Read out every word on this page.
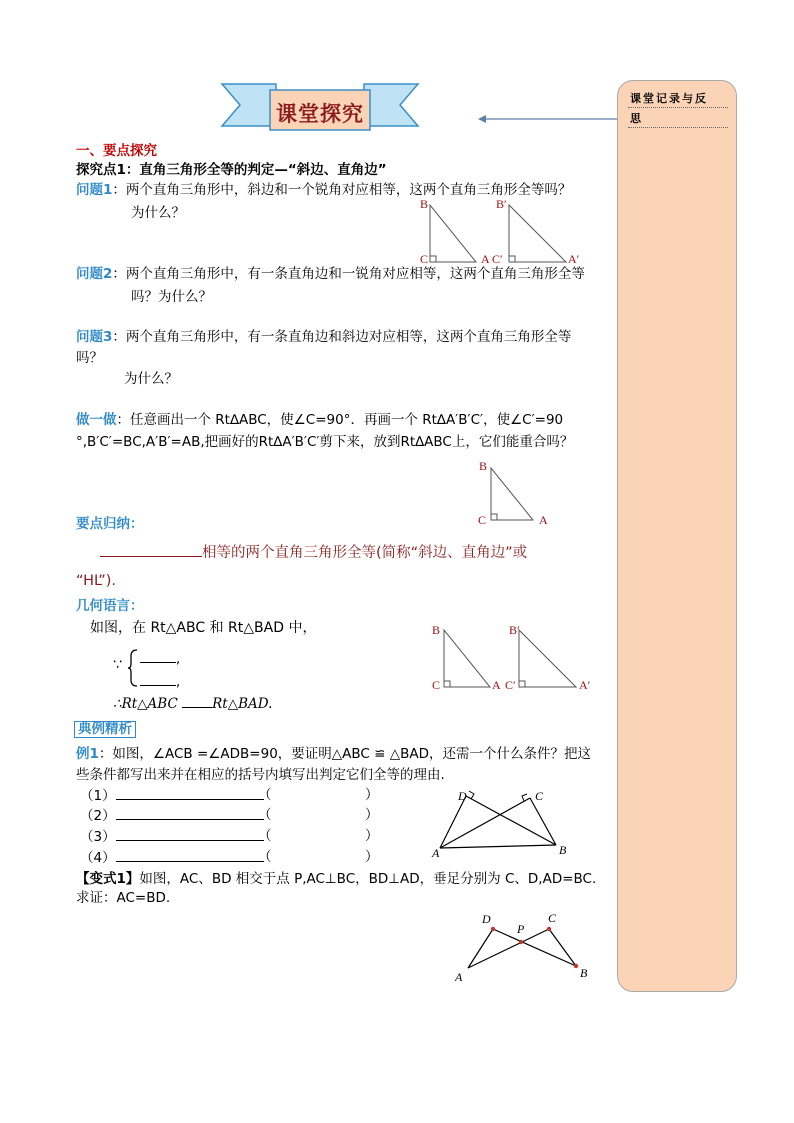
课堂探究
课堂记录与反
思
一、要点探究
探究点1：直角三角形全等的判定—“斜边、直角边”
问题1：两个直角三角形中，斜边和一个锐角对应相等，这两个直角三角形全等吗？
为什么？
B
C	A
B′
C′	A′
问题2：两个直角三角形中，有一条直角边和一锐角对应相等，这两个直角三角形全等
吗？为什么？
问题3：两个直角三角形中，有一条直角边和斜边对应相等，这两个直角三角形全等
吗？
为什么？
做一做：任意画出一个 Rt∆ABC，使∠C=90°．再画一个 Rt∆A′B′C′，使∠C′=90
°,B′C′=BC,A′B′=AB,把画好的Rt∆A′B′C′剪下来，放到Rt∆ABC上，它们能重合吗？
B
C	A
要点归纳：
相等的两个直角三角形全等(简称“斜边、直角边”或
“HL”).
几何语言：
如图，在 Rt△ABC 和 Rt△BAD 中，
∵	,
,
∴Rt△ABC	Rt△BAD.
B
C	A
B′
C′	A′
典例精析
例1：如图，∠ACB =∠ADB=90，要证明△ABC ≌ △BAD，还需一个什么条件？把这
些条件都写出来并在相应的括号内填写出判定它们全等的理由.
（1）	（	）
（2）	（	）
（3）	（	）
（4）	（	）
D	C
A	B
【变式1】如图，AC、BD 相交于点 P,AC⊥BC，BD⊥AD，垂足分别为 C、D,AD=BC.
求证：AC=BD.
D	C
P
A	B
